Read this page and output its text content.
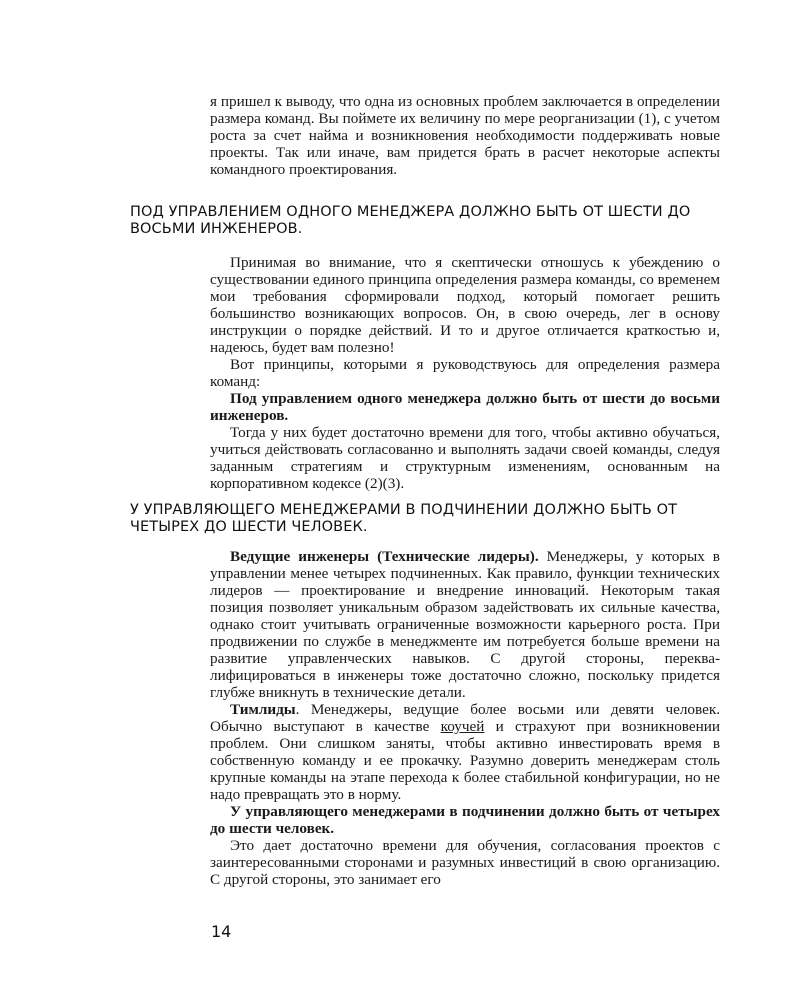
я пришел к выводу, что одна из основных проблем заключается в определении размера команд. Вы поймете их величину по мере реорганизации (1), с учетом роста за счет найма и возникновения необходимости поддерживать новые проекты. Так или иначе, вам придется брать в расчет некоторые аспекты командного проектирования.

ПОД УПРАВЛЕНИЕМ ОДНОГО МЕНЕДЖЕРА ДОЛЖНО БЫТЬ ОТ ШЕСТИ ДО ВОСЬМИ ИНЖЕНЕРОВ.

Принимая во внимание, что я скептически отношусь к убеждению о существовании единого принципа определения размера команды, со временем мои требования сформировали подход, который помогает решить большинство возникающих вопросов. Он, в свою очередь, лег в основу инструкции о порядке действий. И то и другое отличается краткостью и, надеюсь, будет вам полезно!

Вот принципы, которыми я руководствуюсь для определения размера команд:

Под управлением одного менеджера должно быть от шести до восьми инженеров.

Тогда у них будет достаточно времени для того, чтобы активно обучаться, учиться действовать согласованно и выполнять задачи своей команды, следуя заданным стратегиям и структурным изменениям, основанным на корпоративном кодексе (2)(3).

У УПРАВЛЯЮЩЕГО МЕНЕДЖЕРАМИ В ПОДЧИНЕНИИ ДОЛЖНО БЫТЬ ОТ ЧЕТЫРЕХ ДО ШЕСТИ ЧЕЛОВЕК.

Ведущие инженеры (Технические лидеры). Менеджеры, у которых в управлении менее четырех подчиненных. Как правило, функции технических лидеров — проектирование и внедрение инноваций. Некоторым такая позиция позволяет уникальным образом задействовать их сильные качества, однако стоит учитывать ограниченные возможности карьерного роста. При продвижении по службе в менеджменте им потребуется больше времени на развитие управленческих навыков. С другой стороны, переквалифицироваться в инженеры тоже достаточно сложно, поскольку придется глубже вникнуть в технические детали.

Тимлиды. Менеджеры, ведущие более восьми или девяти человек. Обычно выступают в качестве коучей и страхуют при возникновении проблем. Они слишком заняты, чтобы активно инвестировать время в собственную команду и ее прокачку. Разумно доверить менеджерам столь крупные команды на этапе перехода к более стабильной конфигурации, но не надо превращать это в норму.

У управляющего менеджерами в подчинении должно быть от четырех до шести человек.

Это дает достаточно времени для обучения, согласования проектов с заинтересованными сторонами и разумных инвестиций в свою организацию. С другой стороны, это занимает его

14
